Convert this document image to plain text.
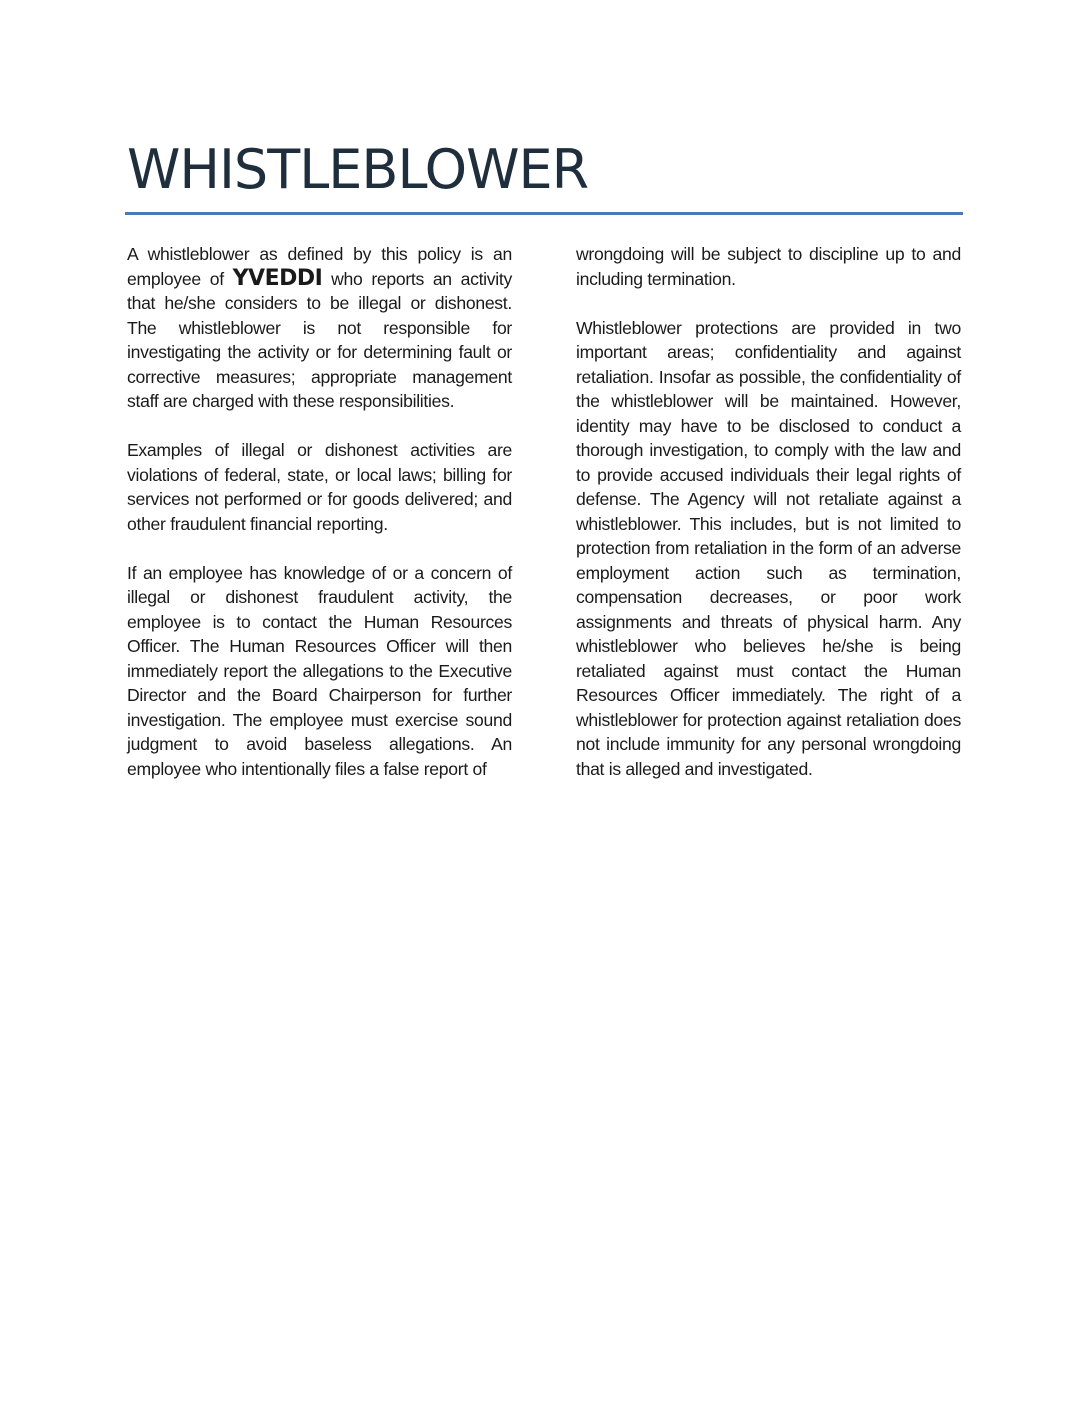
WHISTLEBLOWER

A whistleblower as defined by this policy is an employee of YVEDDI who reports an activity that he/she considers to be illegal or dishonest. The whistleblower is not responsible for investigating the activity or for determining fault or corrective measures; appropriate management staff are charged with these responsibilities.

Examples of illegal or dishonest activities are violations of federal, state, or local laws; billing for services not performed or for goods delivered; and other fraudulent financial reporting.

If an employee has knowledge of or a concern of illegal or dishonest fraudulent activity, the employee is to contact the Human Resources Officer. The Human Resources Officer will then immediately report the allegations to the Executive Director and the Board Chairperson for further investigation. The employee must exercise sound judgment to avoid baseless allegations. An employee who intentionally files a false report of

wrongdoing will be subject to discipline up to and including termination.

Whistleblower protections are provided in two important areas; confidentiality and against retaliation. Insofar as possible, the confidentiality of the whistleblower will be maintained. However, identity may have to be disclosed to conduct a thorough investigation, to comply with the law and to provide accused individuals their legal rights of defense. The Agency will not retaliate against a whistleblower. This includes, but is not limited to protection from retaliation in the form of an adverse employment action such as termination, compensation decreases, or poor work assignments and threats of physical harm. Any whistleblower who believes he/she is being retaliated against must contact the Human Resources Officer immediately. The right of a whistleblower for protection against retaliation does not include immunity for any personal wrongdoing that is alleged and investigated.
